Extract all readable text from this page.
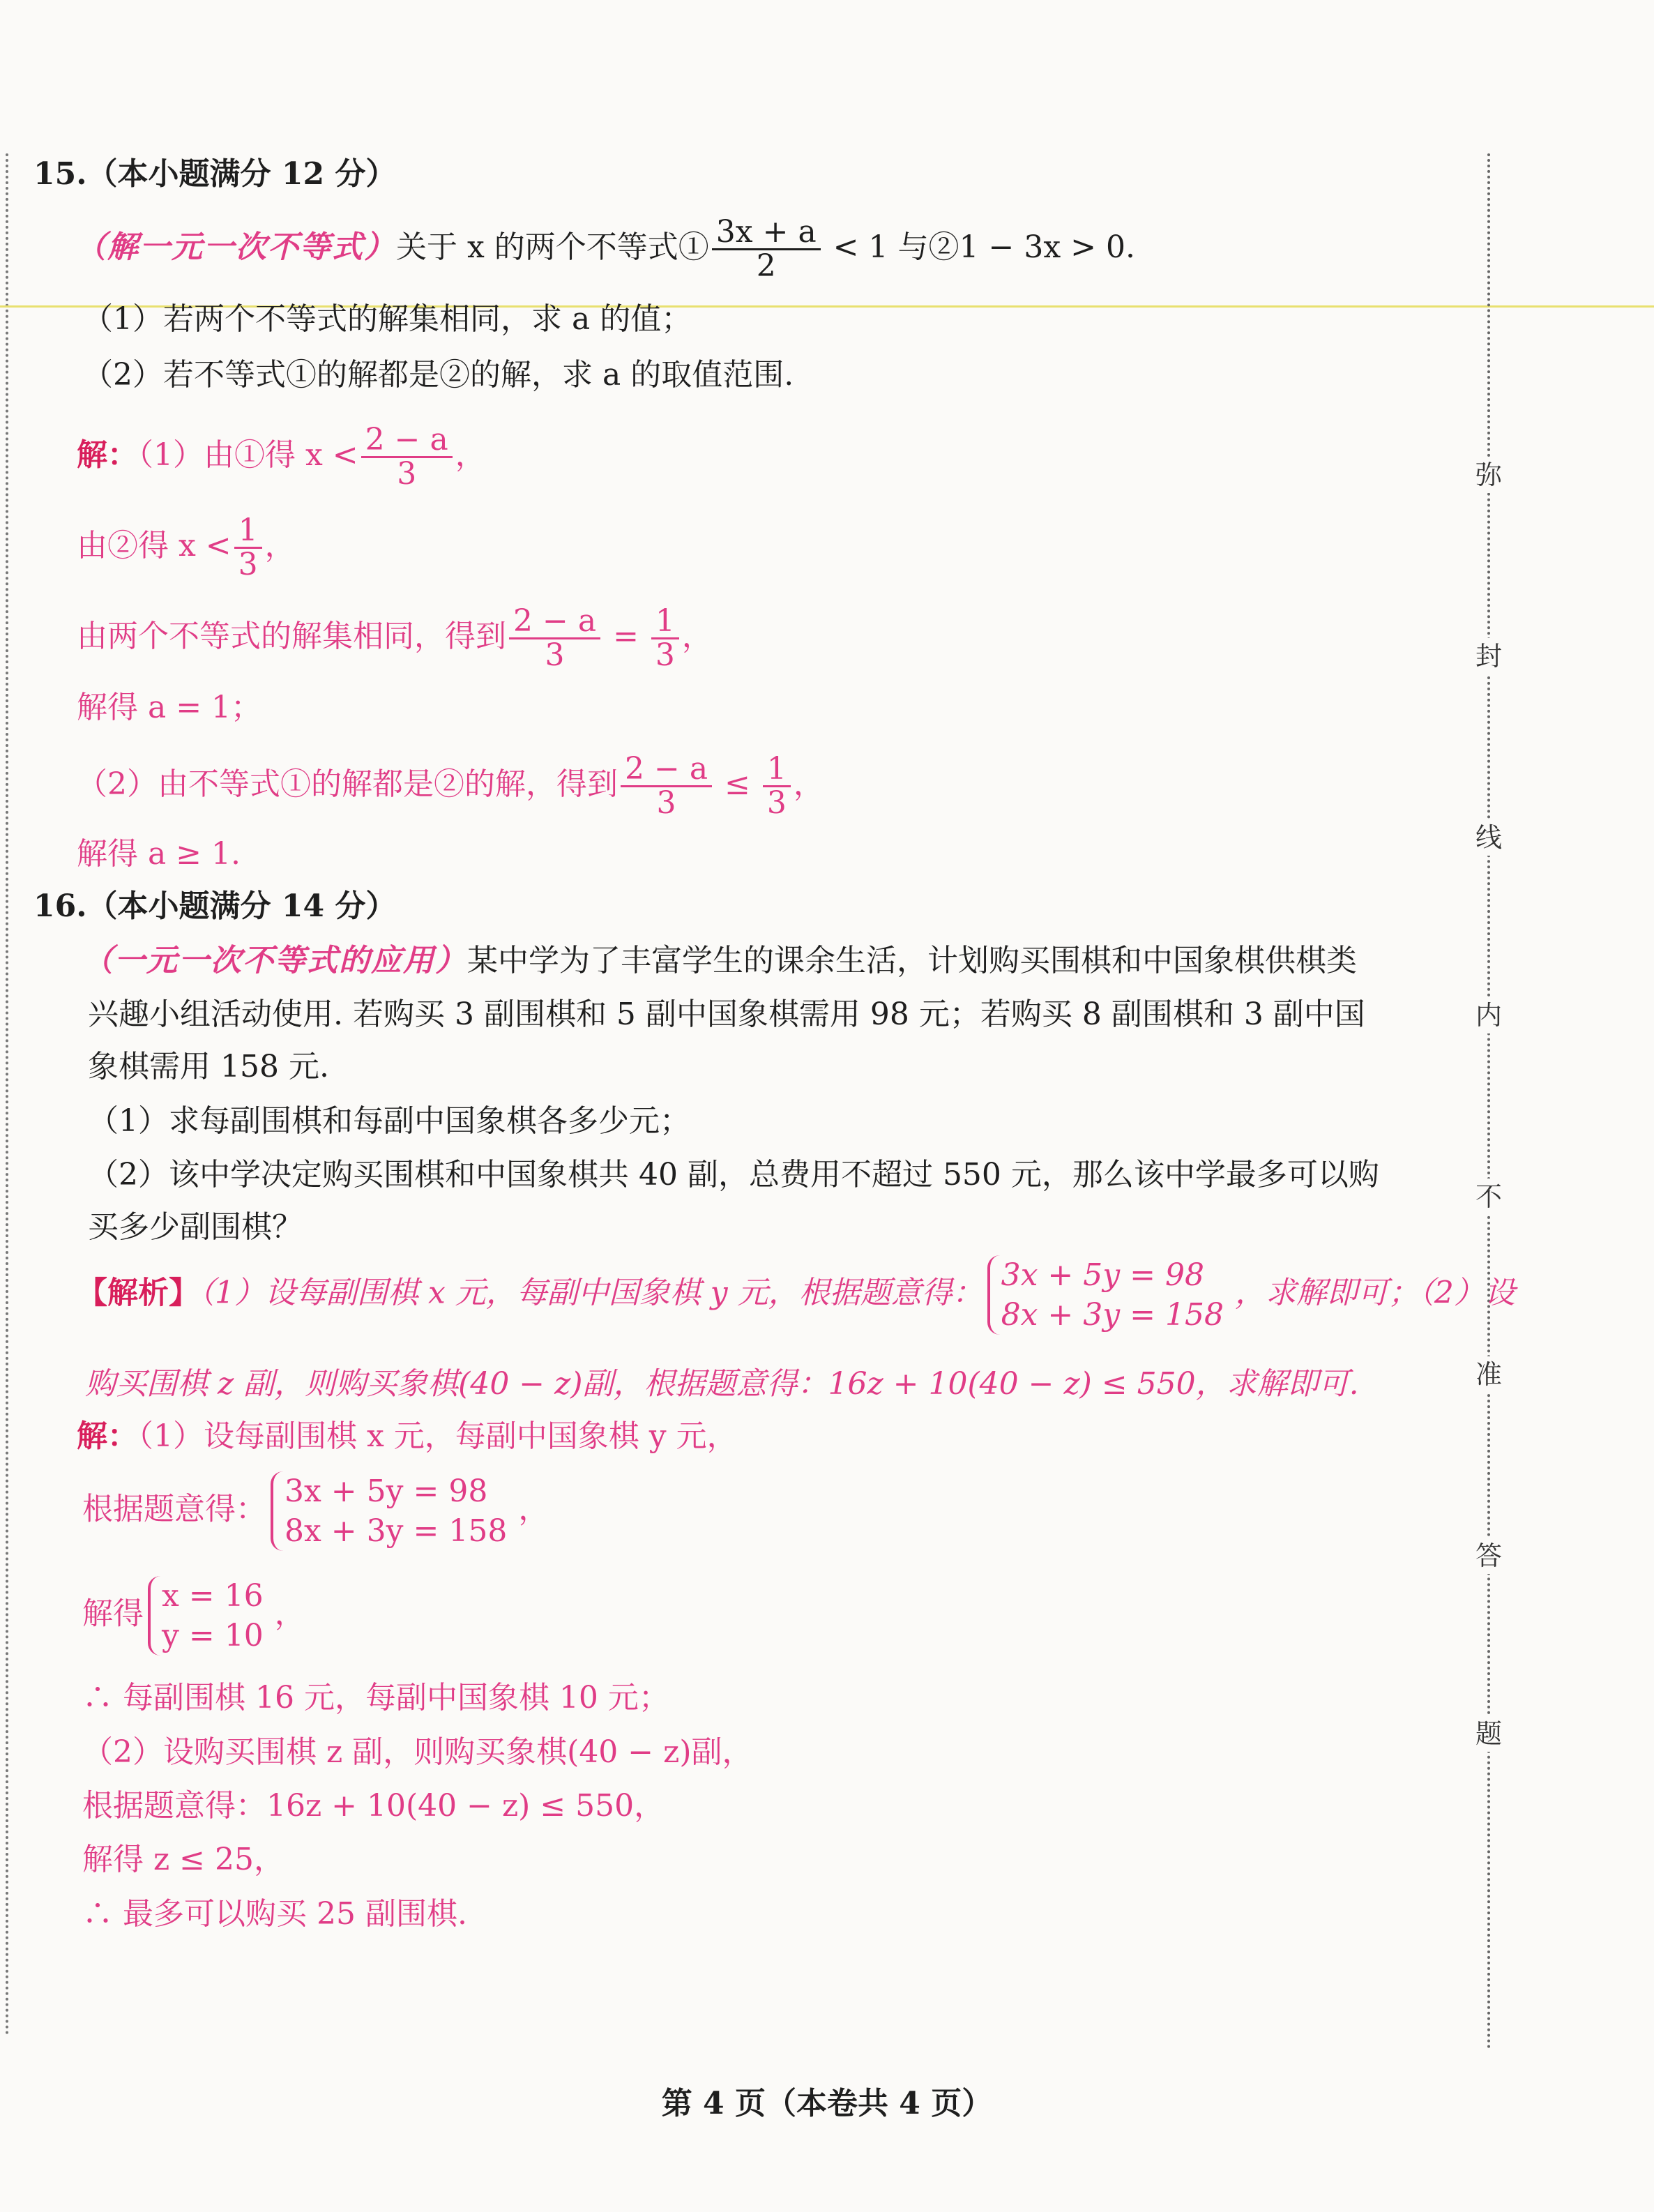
弥
封
线
内
不
准
答
题
15.（本小题满分 12 分）
（解一元一次不等式）关于 x 的两个不等式① $\frac{3x + a}{2} < 1$ 与②1 − 3x > 0.
（1）若两个不等式的解集相同，求 a 的值；
（2）若不等式①的解都是②的解，求 a 的取值范围.
解：（1）由①得 $x < \frac{2 - a}{3}$ ，
由②得 $x < \frac{1}{3}$ ，
由两个不等式的解集相同，得到 $\frac{2 - a}{3} = \frac{1}{3}$ ，
解得 a = 1；
（2）由不等式①的解都是②的解，得到 $\frac{2 - a}{3} \le \frac{1}{3}$ ，
解得 a ≥ 1.
16.（本小题满分 14 分）
（一元一次不等式的应用）某中学为了丰富学生的课余生活，计划购买围棋和中国象棋供棋类
兴趣小组活动使用. 若购买 3 副围棋和 5 副中国象棋需用 98 元；若购买 8 副围棋和 3 副中国
象棋需用 158 元.
（1）求每副围棋和每副中国象棋各多少元；
（2）该中学决定购买围棋和中国象棋共 40 副，总费用不超过 550 元，那么该中学最多可以购
买多少副围棋？
【解析】（1）设每副围棋 x 元，每副中国象棋 y 元，根据题意得：
3x + 5y = 98
8x + 3y = 158
，求解即可；（2）设
购买围棋 z 副，则购买象棋(40 − z)副，根据题意得：16z + 10(40 − z) ≤ 550，求解即可.
解：（1）设每副围棋 x 元，每副中国象棋 y 元，
根据题意得：
3x + 5y = 98
8x + 3y = 158
，
解得
x = 16
y = 10
，
∴ 每副围棋 16 元，每副中国象棋 10 元；
（2）设购买围棋 z 副，则购买象棋(40 − z)副，
根据题意得：16z + 10(40 − z) ≤ 550，
解得 z ≤ 25，
∴ 最多可以购买 25 副围棋.
第 4 页（本卷共 4 页）
